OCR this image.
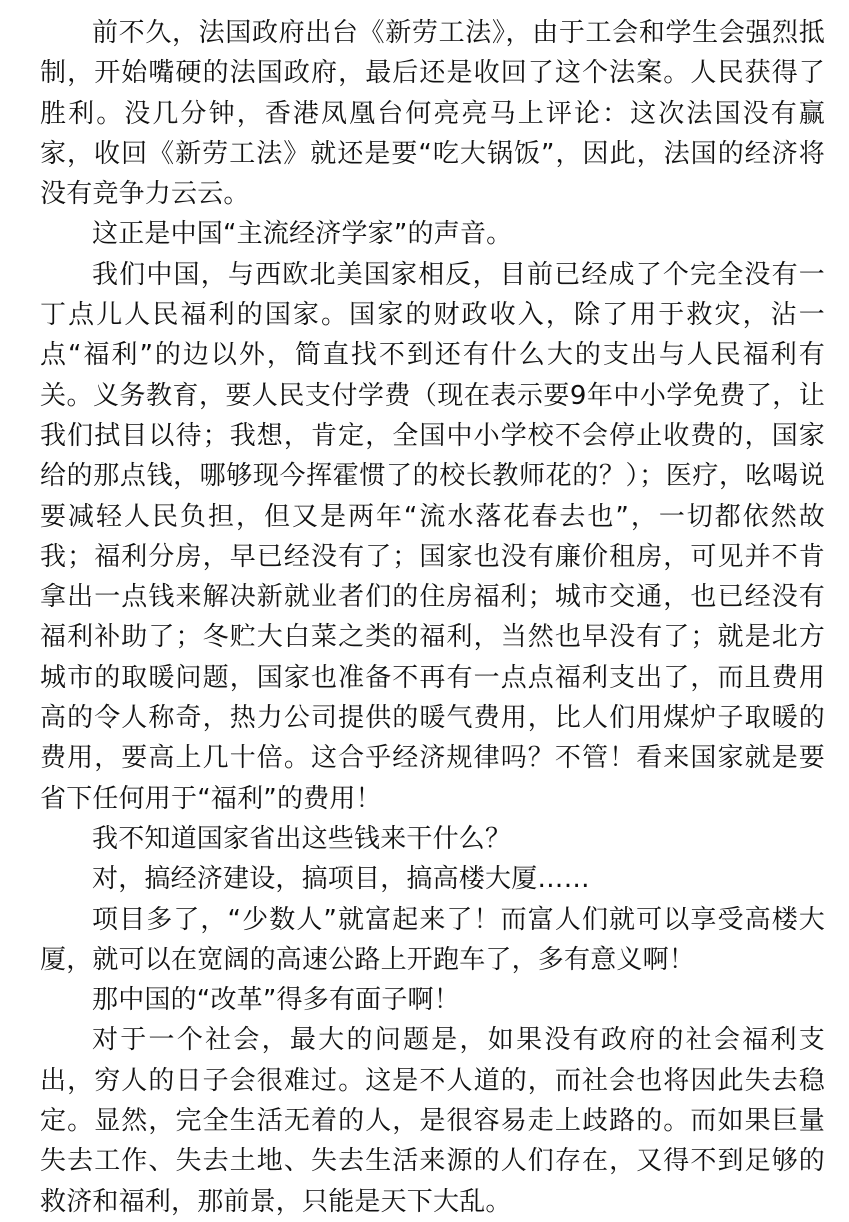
前不久，法国政府出台《新劳工法》，由于工会和学生会强烈抵制，开始嘴硬的法国政府，最后还是收回了这个法案。人民获得了胜利。没几分钟，香港凤凰台何亮亮马上评论：这次法国没有赢家，收回《新劳工法》就还是要“吃大锅饭”，因此，法国的经济将没有竞争力云云。

这正是中国“主流经济学家”的声音。

我们中国，与西欧北美国家相反，目前已经成了个完全没有一丁点儿人民福利的国家。国家的财政收入，除了用于救灾，沾一点“福利”的边以外，简直找不到还有什么大的支出与人民福利有关。义务教育，要人民支付学费（现在表示要9年中小学免费了，让我们拭目以待；我想，肯定，全国中小学校不会停止收费的，国家给的那点钱，哪够现今挥霍惯了的校长教师花的？）；医疗，吆喝说要减轻人民负担，但又是两年“流水落花春去也”，一切都依然故我；福利分房，早已经没有了；国家也没有廉价租房，可见并不肯拿出一点钱来解决新就业者们的住房福利；城市交通，也已经没有福利补助了；冬贮大白菜之类的福利，当然也早没有了；就是北方城市的取暖问题，国家也准备不再有一点点福利支出了，而且费用高的令人称奇，热力公司提供的暖气费用，比人们用煤炉子取暖的费用，要高上几十倍。这合乎经济规律吗？不管！看来国家就是要省下任何用于“福利”的费用！

我不知道国家省出这些钱来干什么？

对，搞经济建设，搞项目，搞高楼大厦……

项目多了，“少数人”就富起来了！而富人们就可以享受高楼大厦，就可以在宽阔的高速公路上开跑车了，多有意义啊！

那中国的“改革”得多有面子啊！

对于一个社会，最大的问题是，如果没有政府的社会福利支出，穷人的日子会很难过。这是不人道的，而社会也将因此失去稳定。显然，完全生活无着的人，是很容易走上歧路的。而如果巨量失去工作、失去土地、失去生活来源的人们存在，又得不到足够的救济和福利，那前景，只能是天下大乱。
